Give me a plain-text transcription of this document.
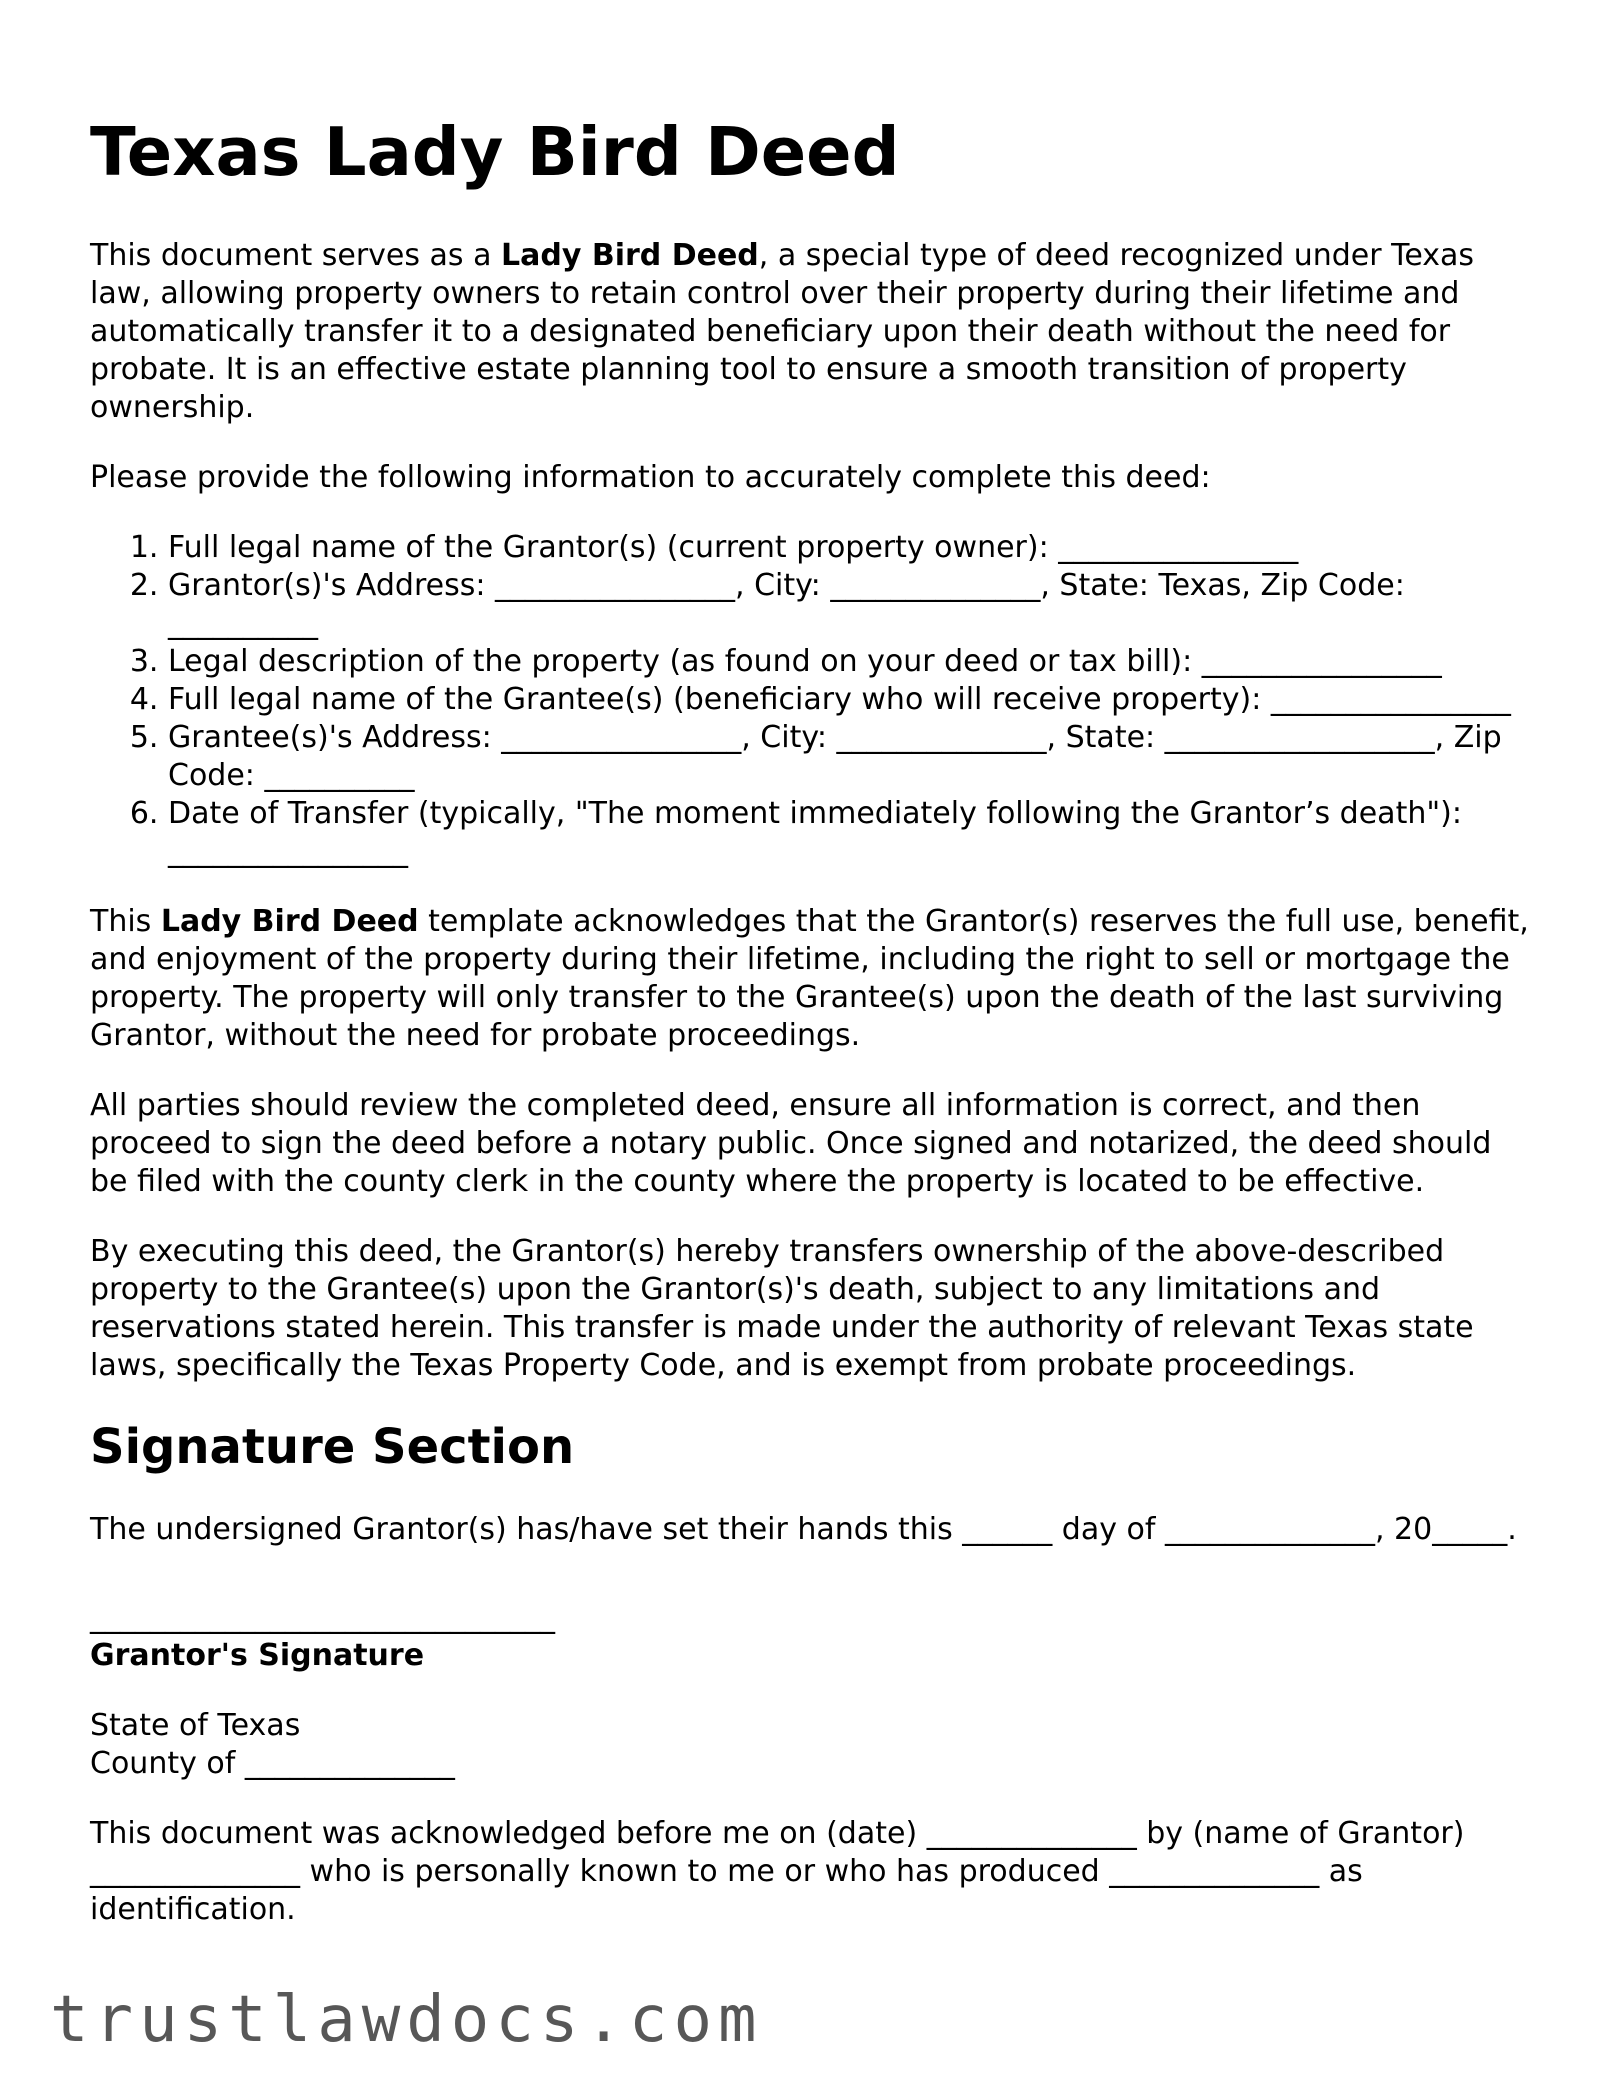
Texas Lady Bird Deed

This document serves as a Lady Bird Deed, a special type of deed recognized under Texas law, allowing property owners to retain control over their property during their lifetime and automatically transfer it to a designated beneficiary upon their death without the need for probate. It is an effective estate planning tool to ensure a smooth transition of property ownership.

Please provide the following information to accurately complete this deed:

1. Full legal name of the Grantor(s) (current property owner): ________________
2. Grantor(s)'s Address: ________________, City: ______________, State: Texas, Zip Code: __________
3. Legal description of the property (as found on your deed or tax bill): ________________
4. Full legal name of the Grantee(s) (beneficiary who will receive property): ________________
5. Grantee(s)'s Address: ________________, City: ______________, State: __________________, Zip Code: __________
6. Date of Transfer (typically, "The moment immediately following the Grantor’s death"): ________________

This Lady Bird Deed template acknowledges that the Grantor(s) reserves the full use, benefit, and enjoyment of the property during their lifetime, including the right to sell or mortgage the property. The property will only transfer to the Grantee(s) upon the death of the last surviving Grantor, without the need for probate proceedings.

All parties should review the completed deed, ensure all information is correct, and then proceed to sign the deed before a notary public. Once signed and notarized, the deed should be filed with the county clerk in the county where the property is located to be effective.

By executing this deed, the Grantor(s) hereby transfers ownership of the above-described property to the Grantee(s) upon the Grantor(s)'s death, subject to any limitations and reservations stated herein. This transfer is made under the authority of relevant Texas state laws, specifically the Texas Property Code, and is exempt from probate proceedings.

Signature Section

The undersigned Grantor(s) has/have set their hands this ______ day of ______________, 20_____.

_______________________________
Grantor's Signature

State of Texas
County of ______________

This document was acknowledged before me on (date) ______________ by (name of Grantor) ______________ who is personally known to me or who has produced ______________ as identification.

trustlawdocs.com
